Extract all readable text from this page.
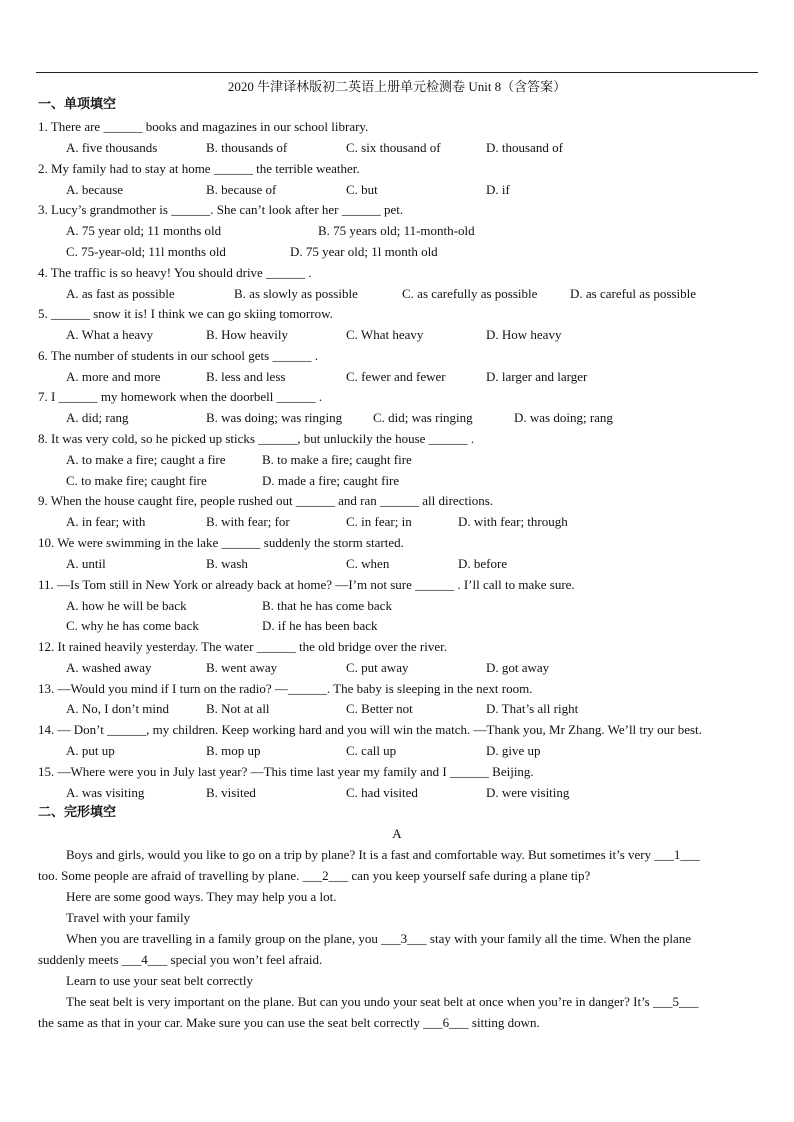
2020 牛津译林版初二英语上册单元检测卷 Unit 8（含答案）
一、单项填空
1. There are ______ books and magazines in our school library.
A. five thousands	B. thousands of	C. six thousand of	D. thousand of
2. My family had to stay at home ______ the terrible weather.
A. because	B. because of	C. but	D. if
3. Lucy’s grandmother is ______. She can’t look after her ______ pet.
A. 75 year old; 11 months old	B. 75 years old; 11-month-old
C. 75-year-old; 11l months old	D. 75 year old; 1l month old
4. The traffic is so heavy! You should drive ______ .
A. as fast as possible	B. as slowly as possible	C. as carefully as possible	D. as careful as possible
5. ______ snow it is! I think we can go skiing tomorrow.
A. What a heavy	B. How heavily	C. What heavy	D. How heavy
6. The number of students in our school gets ______ .
A. more and more	B. less and less	C. fewer and fewer	D. larger and larger
7. I ______ my homework when the doorbell ______ .
A. did; rang	B. was doing; was ringing C. did; was ringing	D. was doing; rang
8. It was very cold, so he picked up sticks ______, but unluckily the house ______ .
A. to make a fire; caught a fire	B. to make a fire; caught fire
C. to make fire; caught fire	D. made a fire; caught fire
9. When the house caught fire, people rushed out ______ and ran ______ all directions.
A. in fear; with	B. with fear; for	C. in fear; in	D. with fear; through
10. We were swimming in the lake ______ suddenly the storm started.
A. until	B. wash	C. when	D. before
11. —Is Tom still in New York or already back at home? —I’m not sure ______ . I’ll call to make sure.
A. how he will be back	B. that he has come back
C. why he has come back	D. if he has been back
12. It rained heavily yesterday. The water ______ the old bridge over the river.
A. washed away	B. went away	C. put away	D. got away
13. —Would you mind if I turn on the radio? —______. The baby is sleeping in the next room.
A. No, I don’t mind	B. Not at all	C. Better not	D. That’s all right
14. — Don’t ______, my children. Keep working hard and you will win the match. —Thank you, Mr Zhang. We’ll try our best.
A. put up	B. mop up	C. call up	D. give up
15. —Where were you in July last year? —This time last year my family and I ______ Beijing.
A. was visiting	B. visited	C. had visited	D. were visiting
二、完形填空
A
Boys and girls, would you like to go on a trip by plane? It is a fast and comfortable way. But sometimes it’s very ___1___
too. Some people are afraid of travelling by plane. ___2___ can you keep yourself safe during a plane tip?
Here are some good ways. They may help you a lot.
Travel with your family
When you are travelling in a family group on the plane, you ___3___ stay with your family all the time. When the plane
suddenly meets ___4___ special you won’t feel afraid.
Learn to use your seat belt correctly
The seat belt is very important on the plane. But can you undo your seat belt at once when you’re in danger? It’s ___5___
the same as that in your car. Make sure you can use the seat belt correctly ___6___ sitting down.
